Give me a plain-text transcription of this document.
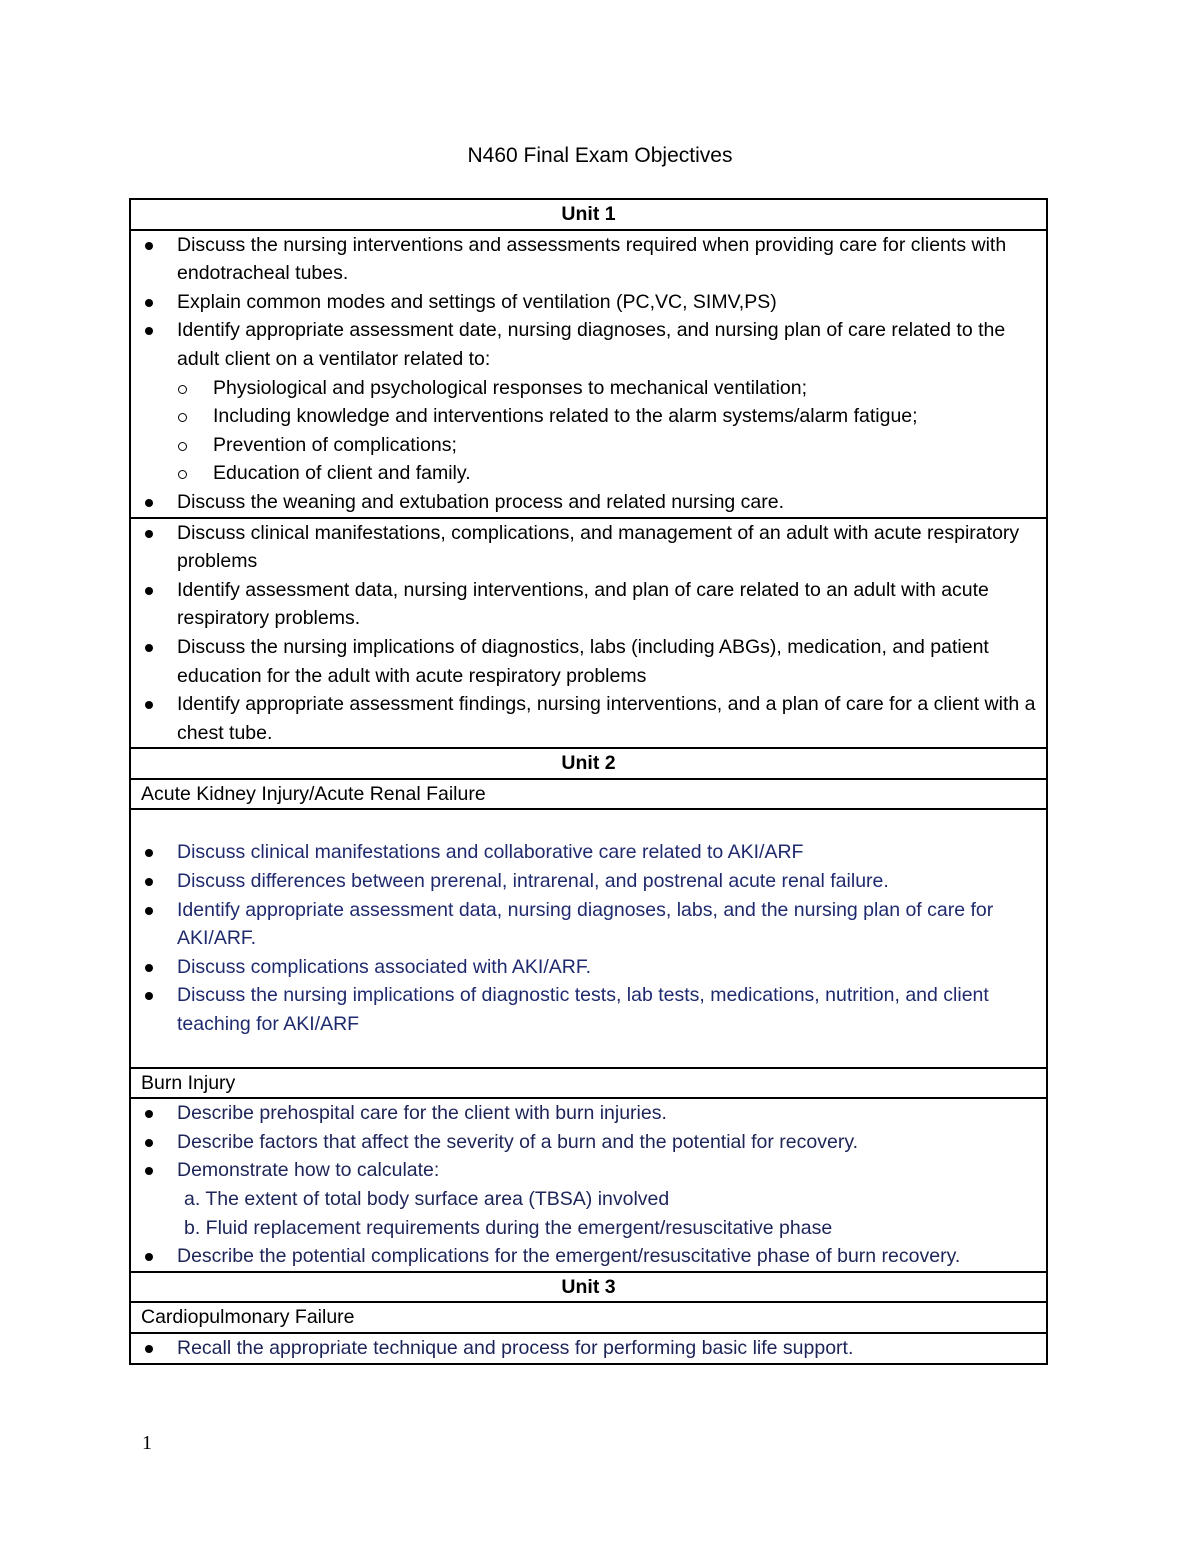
N460 Final Exam Objectives
Unit 1

Discuss the nursing interventions and assessments required when providing care for clients with endotracheal tubes.
Explain common modes and settings of ventilation (PC,VC, SIMV,PS)
Identify appropriate assessment date, nursing diagnoses, and nursing plan of care related to the adult client on a ventilator related to:
Physiological and psychological responses to mechanical ventilation;
Including knowledge and interventions related to the alarm systems/alarm fatigue;
Prevention of complications;
Education of client and family.
Discuss the weaning and extubation process and related nursing care.

Discuss clinical manifestations, complications, and management of an adult with acute respiratory problems
Identify assessment data, nursing interventions, and plan of care related to an adult with acute respiratory problems.
Discuss the nursing implications of diagnostics, labs (including ABGs), medication, and patient education for the adult with acute respiratory problems
Identify appropriate assessment findings, nursing interventions, and a plan of care for a client with a chest tube.

Unit 2
Acute Kidney Injury/Acute Renal Failure

Discuss clinical manifestations and collaborative care related to AKI/ARF
Discuss differences between prerenal, intrarenal, and postrenal acute renal failure.
Identify appropriate assessment data, nursing diagnoses, labs, and the nursing plan of care for AKI/ARF.
Discuss complications associated with AKI/ARF.
Discuss the nursing implications of diagnostic tests, lab tests, medications, nutrition, and client teaching for AKI/ARF

Burn Injury

Describe prehospital care for the client with burn injuries.
Describe factors that affect the severity of a burn and the potential for recovery.
Demonstrate how to calculate:
a. The extent of total body surface area (TBSA) involved
b. Fluid replacement requirements during the emergent/resuscitative phase
Describe the potential complications for the emergent/resuscitative phase of burn recovery.

Unit 3
Cardiopulmonary Failure

Recall the appropriate technique and process for performing basic life support.
1
